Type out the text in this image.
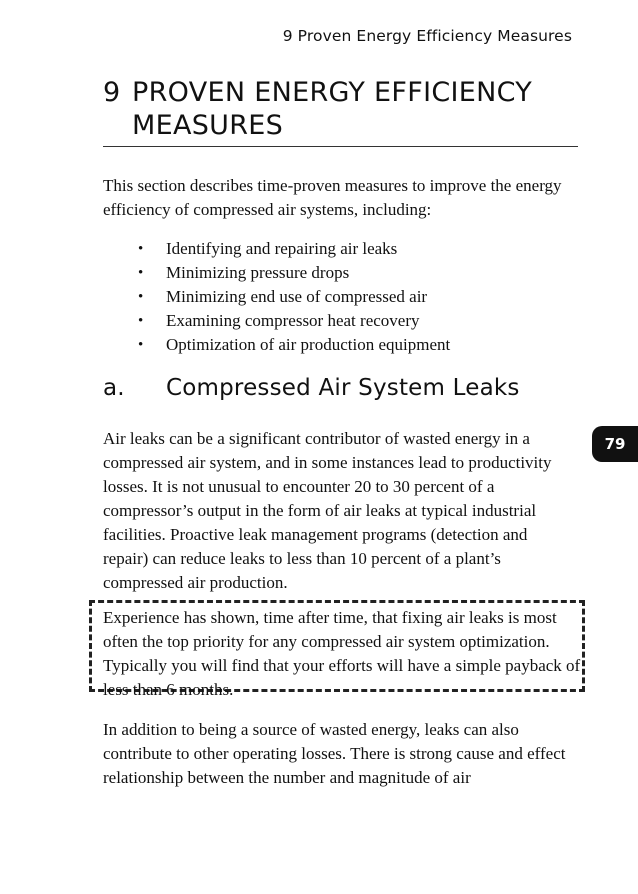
9 Proven Energy Efficiency Measures
9 PROVEN ENERGY EFFICIENCY
MEASURES

This section describes time-proven measures to improve the energy efficiency of compressed air systems, including:

• Identifying and repairing air leaks
• Minimizing pressure drops
• Minimizing end use of compressed air
• Examining compressor heat recovery
• Optimization of air production equipment
a. Compressed Air System Leaks

Air leaks can be a significant contributor of wasted energy in a compressed air system, and in some instances lead to productivity losses. It is not unusual to encounter 20 to 30 percent of a compressor’s output in the form of air leaks at typical industrial facilities. Proactive leak management programs (detection and repair) can reduce leaks to less than 10 percent of a plant’s compressed air production.

Experience has shown, time after time, that fixing air leaks is most often the top priority for any compressed air system optimization. Typically you will find that your efforts will have a simple payback of less than 6 months.

In addition to being a source of wasted energy, leaks can also contribute to other operating losses. There is strong cause and effect relationship between the number and magnitude of air

79
